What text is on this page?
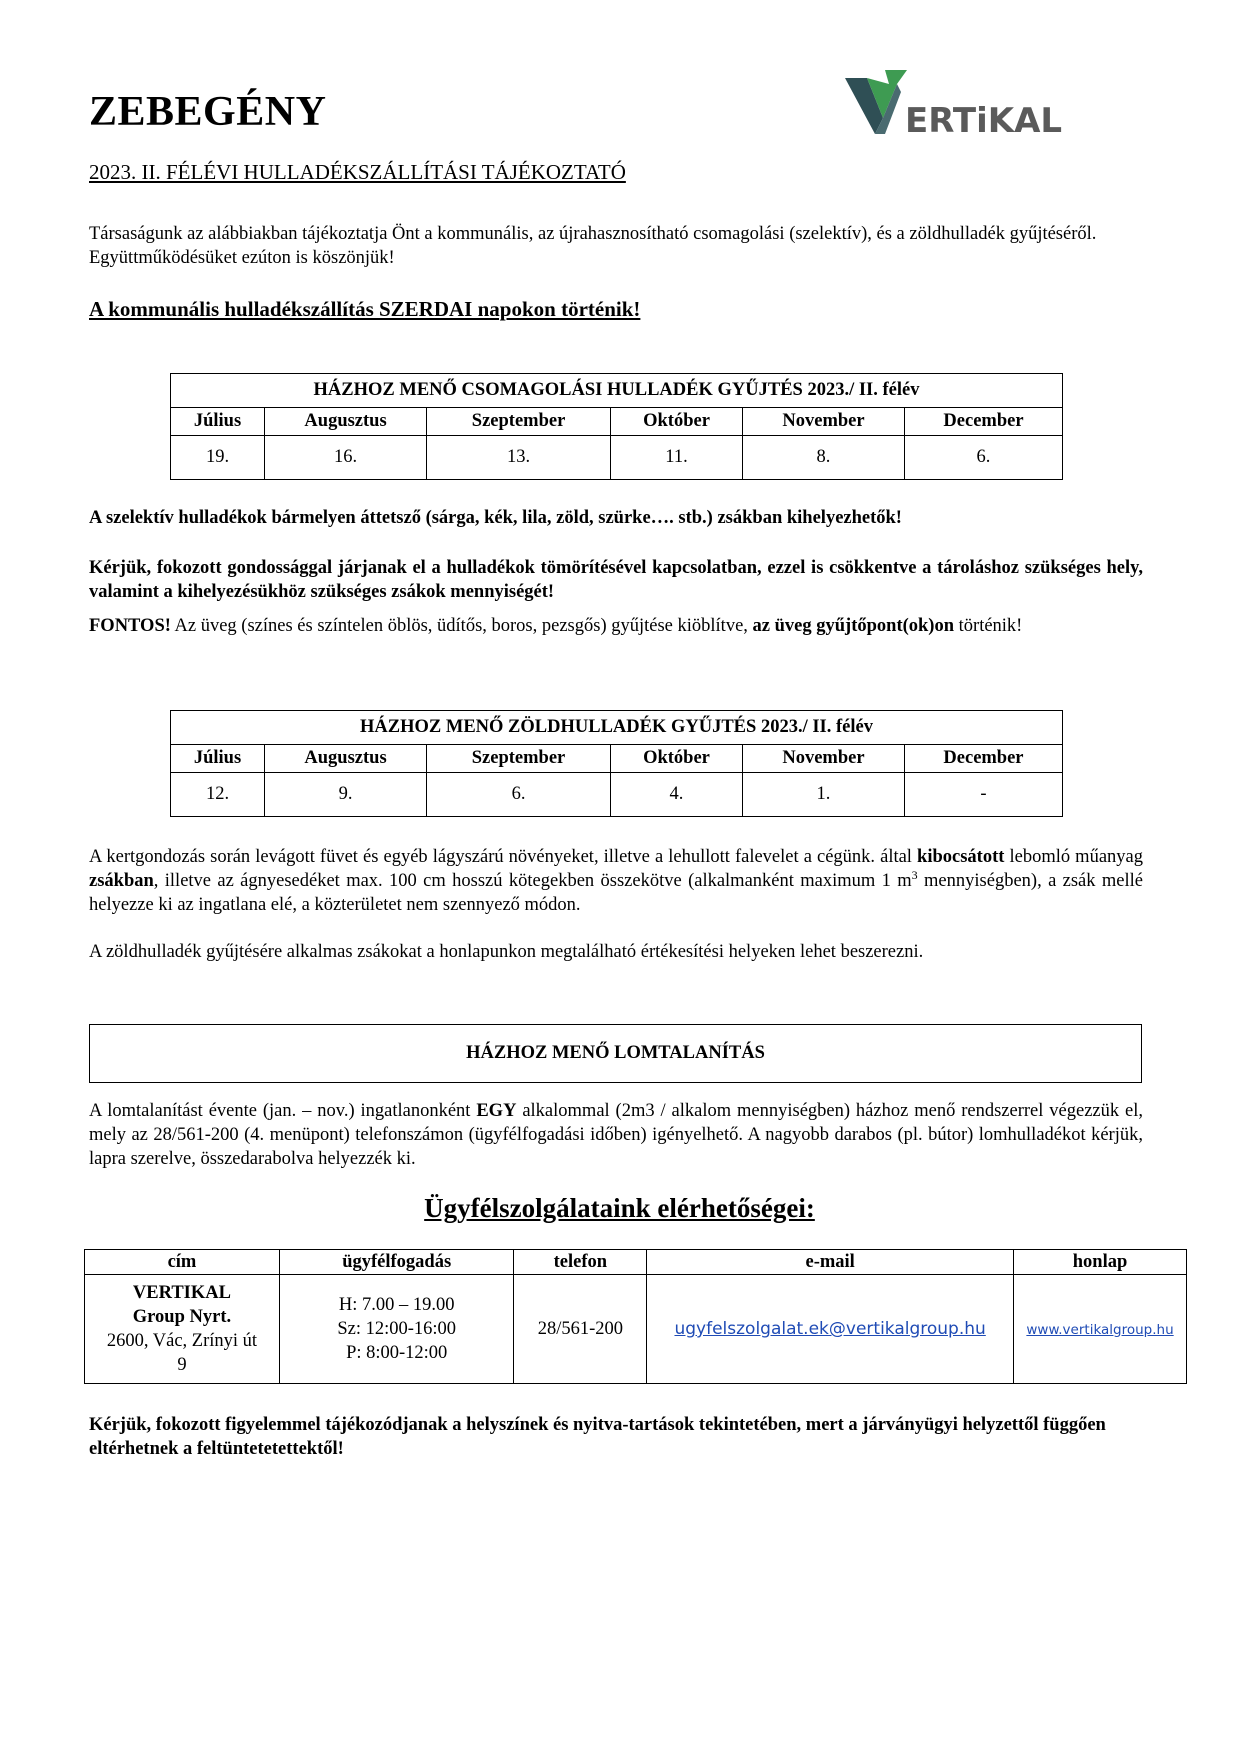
ZEBEGÉNY
2023. II. FÉLÉVI HULLADÉKSZÁLLÍTÁSI TÁJÉKOZTATÓ
ERTiKAL
Társaságunk az alábbiakban tájékoztatja Önt a kommunális, az újrahasznosítható csomagolási (szelektív), és a zöldhulladék gyűjtéséről. Együttműködésüket ezúton is köszönjük!
A kommunális hulladékszállítás SZERDAI napokon történik!
HÁZHOZ MENŐ CSOMAGOLÁSI HULLADÉK GYŰJTÉS 2023./ II. félév					
Július	Augusztus	Szeptember	Október	November	December
19.	16.	13.	11.	8.	6.
A szelektív hulladékok bármelyen áttetsző (sárga, kék, lila, zöld, szürke…. stb.) zsákban kihelyezhetők!
Kérjük, fokozott gondossággal járjanak el a hulladékok tömörítésével kapcsolatban, ezzel is csökkentve a tároláshoz szükséges hely, valamint a kihelyezésükhöz szükséges zsákok mennyiségét!
FONTOS! Az üveg (színes és színtelen öblös, üdítős, boros, pezsgős) gyűjtése kiöblítve, az üveg gyűjtőpont(ok)on történik!
HÁZHOZ MENŐ ZÖLDHULLADÉK GYŰJTÉS 2023./ II. félév					
Július	Augusztus	Szeptember	Október	November	December
12.	9.	6.	4.	1.	-
A kertgondozás során levágott füvet és egyéb lágyszárú növényeket, illetve a lehullott falevelet a cégünk. által kibocsátott lebomló műanyag zsákban, illetve az ágnyesedéket max. 100 cm hosszú kötegekben összekötve (alkalmanként maximum 1 $m^3$ mennyiségben), a zsák mellé helyezze ki az ingatlana elé, a közterületet nem szennyező módon.
A zöldhulladék gyűjtésére alkalmas zsákokat a honlapunkon megtalálható értékesítési helyeken lehet beszerezni.
HÁZHOZ MENŐ LOMTALANÍTÁS
A lomtalanítást évente (jan. – nov.) ingatlanonként EGY alkalommal (2m3 / alkalom mennyiségben) házhoz menő rendszerrel végezzük el, mely az 28/561-200 (4. menüpont) telefonszámon (ügyfélfogadási időben) igényelhető. A nagyobb darabos (pl. bútor) lomhulladékot kérjük, lapra szerelve, összedarabolva helyezzék ki.
Ügyfélszolgálataink elérhetőségei:
cím	ügyfélfogadás	telefon	e-mail	honlap
VERTIKAL
Group Nyrt.
2600, Vác, Zrínyi út 9	H: 7.00 – 19.00
Sz: 12:00-16:00
P: 8:00-12:00	28/561-200	ugyfelszolgalat.ek@vertikalgroup.hu	www.vertikalgroup.hu
Kérjük, fokozott figyelemmel tájékozódjanak a helyszínek és nyitva-tartások tekintetében, mert a járványügyi helyzettől függően eltérhetnek a feltüntetetettektől!
